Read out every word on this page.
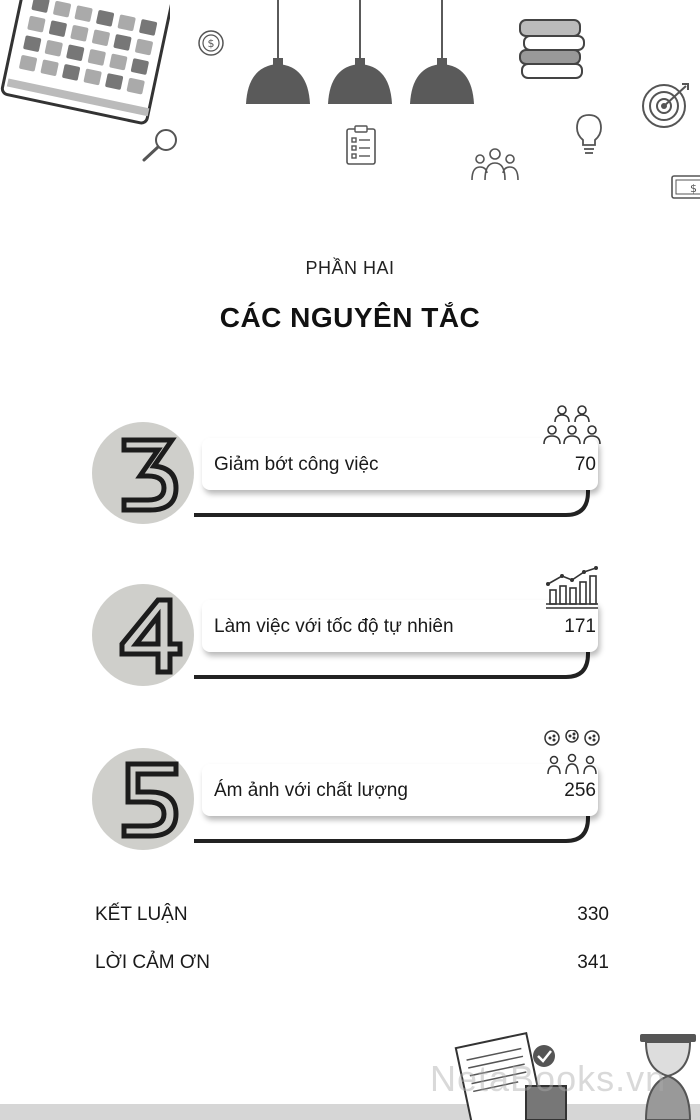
$
$
PHẦN HAI
CÁC NGUYÊN TẮC
Giảm bớt công việc	70
Làm việc với tốc độ tự nhiên	171
Ám ảnh với chất lượng	256
KẾT LUẬN	330
LỜI CẢM ƠN	341
NetaBooks.vn
